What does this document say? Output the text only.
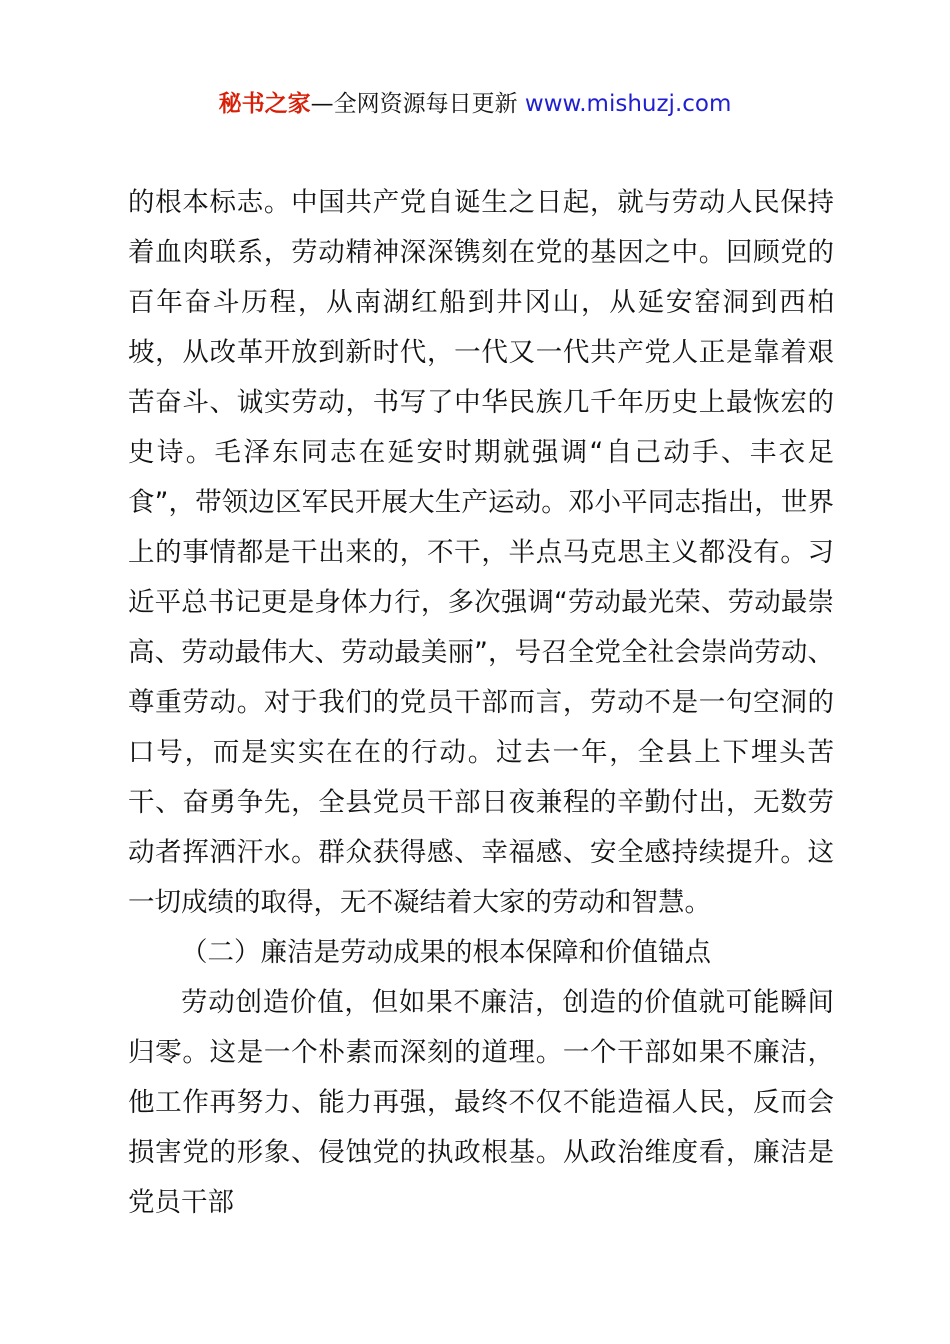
秘书之家—全网资源每日更新 www.mishuzj.com

的根本标志。中国共产党自诞生之日起，就与劳动人民保持着血肉联系，劳动精神深深镌刻在党的基因之中。回顾党的百年奋斗历程，从南湖红船到井冈山，从延安窑洞到西柏坡，从改革开放到新时代，一代又一代共产党人正是靠着艰苦奋斗、诚实劳动，书写了中华民族几千年历史上最恢宏的史诗。毛泽东同志在延安时期就强调“自己动手、丰衣足食”，带领边区军民开展大生产运动。邓小平同志指出，世界上的事情都是干出来的，不干，半点马克思主义都没有。习近平总书记更是身体力行，多次强调“劳动最光荣、劳动最崇高、劳动最伟大、劳动最美丽”，号召全党全社会崇尚劳动、尊重劳动。对于我们的党员干部而言，劳动不是一句空洞的口号，而是实实在在的行动。过去一年，全县上下埋头苦干、奋勇争先，全县党员干部日夜兼程的辛勤付出，无数劳动者挥洒汗水。群众获得感、幸福感、安全感持续提升。这一切成绩的取得，无不凝结着大家的劳动和智慧。

（二）廉洁是劳动成果的根本保障和价值锚点

劳动创造价值，但如果不廉洁，创造的价值就可能瞬间归零。这是一个朴素而深刻的道理。一个干部如果不廉洁，他工作再努力、能力再强，最终不仅不能造福人民，反而会损害党的形象、侵蚀党的执政根基。从政治维度看，廉洁是党员干部
